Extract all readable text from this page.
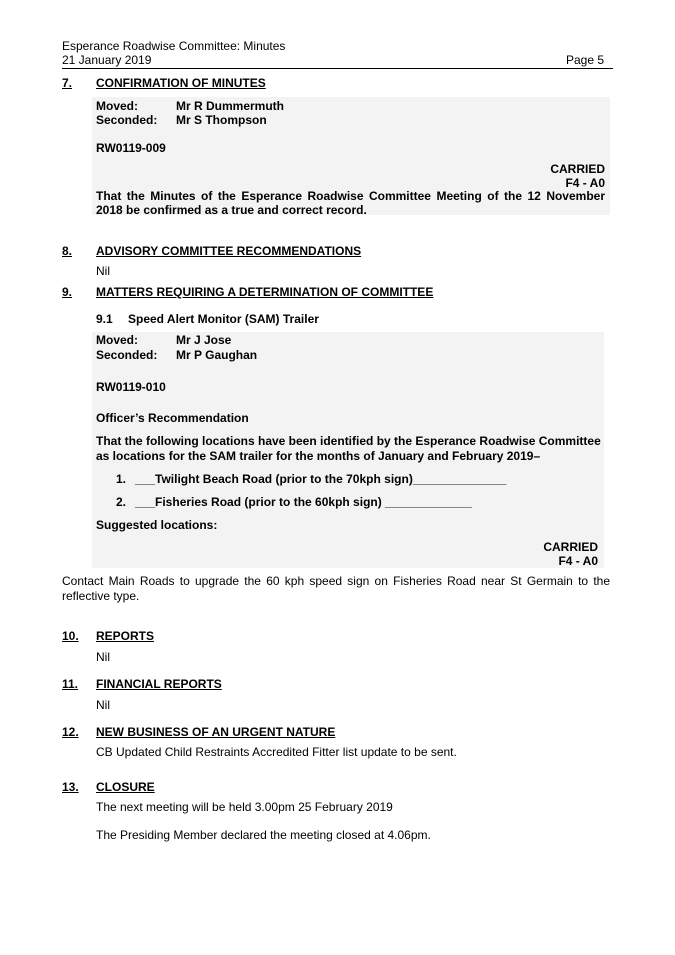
Esperance Roadwise Committee: Minutes
21 January 2019	Page 5
7. CONFIRMATION OF MINUTES
Moved:	Mr R Dummermuth
Seconded: Mr S Thompson
RW0119-009
CARRIED
F4 - A0
That the Minutes of the Esperance Roadwise Committee Meeting of the 12 November 2018 be confirmed as a true and correct record.
8. ADVISORY COMMITTEE RECOMMENDATIONS
Nil
9. MATTERS REQUIRING A DETERMINATION OF COMMITTEE
9.1 Speed Alert Monitor (SAM) Trailer
Moved:	Mr J Jose
Seconded: Mr P Gaughan
RW0119-010
Officer’s Recommendation
That the following locations have been identified by the Esperance Roadwise Committee
as locations for the SAM trailer for the months of January and February 2019–
1. ___Twilight Beach Road (prior to the 70kph sign)______________
2. ___Fisheries Road (prior to the 60kph sign) _____________
Suggested locations:
CARRIED
F4 - A0
Contact Main Roads to upgrade the 60 kph speed sign on Fisheries Road near St Germain to the reflective type.
10. REPORTS
Nil
11. FINANCIAL REPORTS
Nil
12. NEW BUSINESS OF AN URGENT NATURE
CB Updated Child Restraints Accredited Fitter list update to be sent.
13. CLOSURE
The next meeting will be held 3.00pm 25 February 2019
The Presiding Member declared the meeting closed at 4.06pm.
